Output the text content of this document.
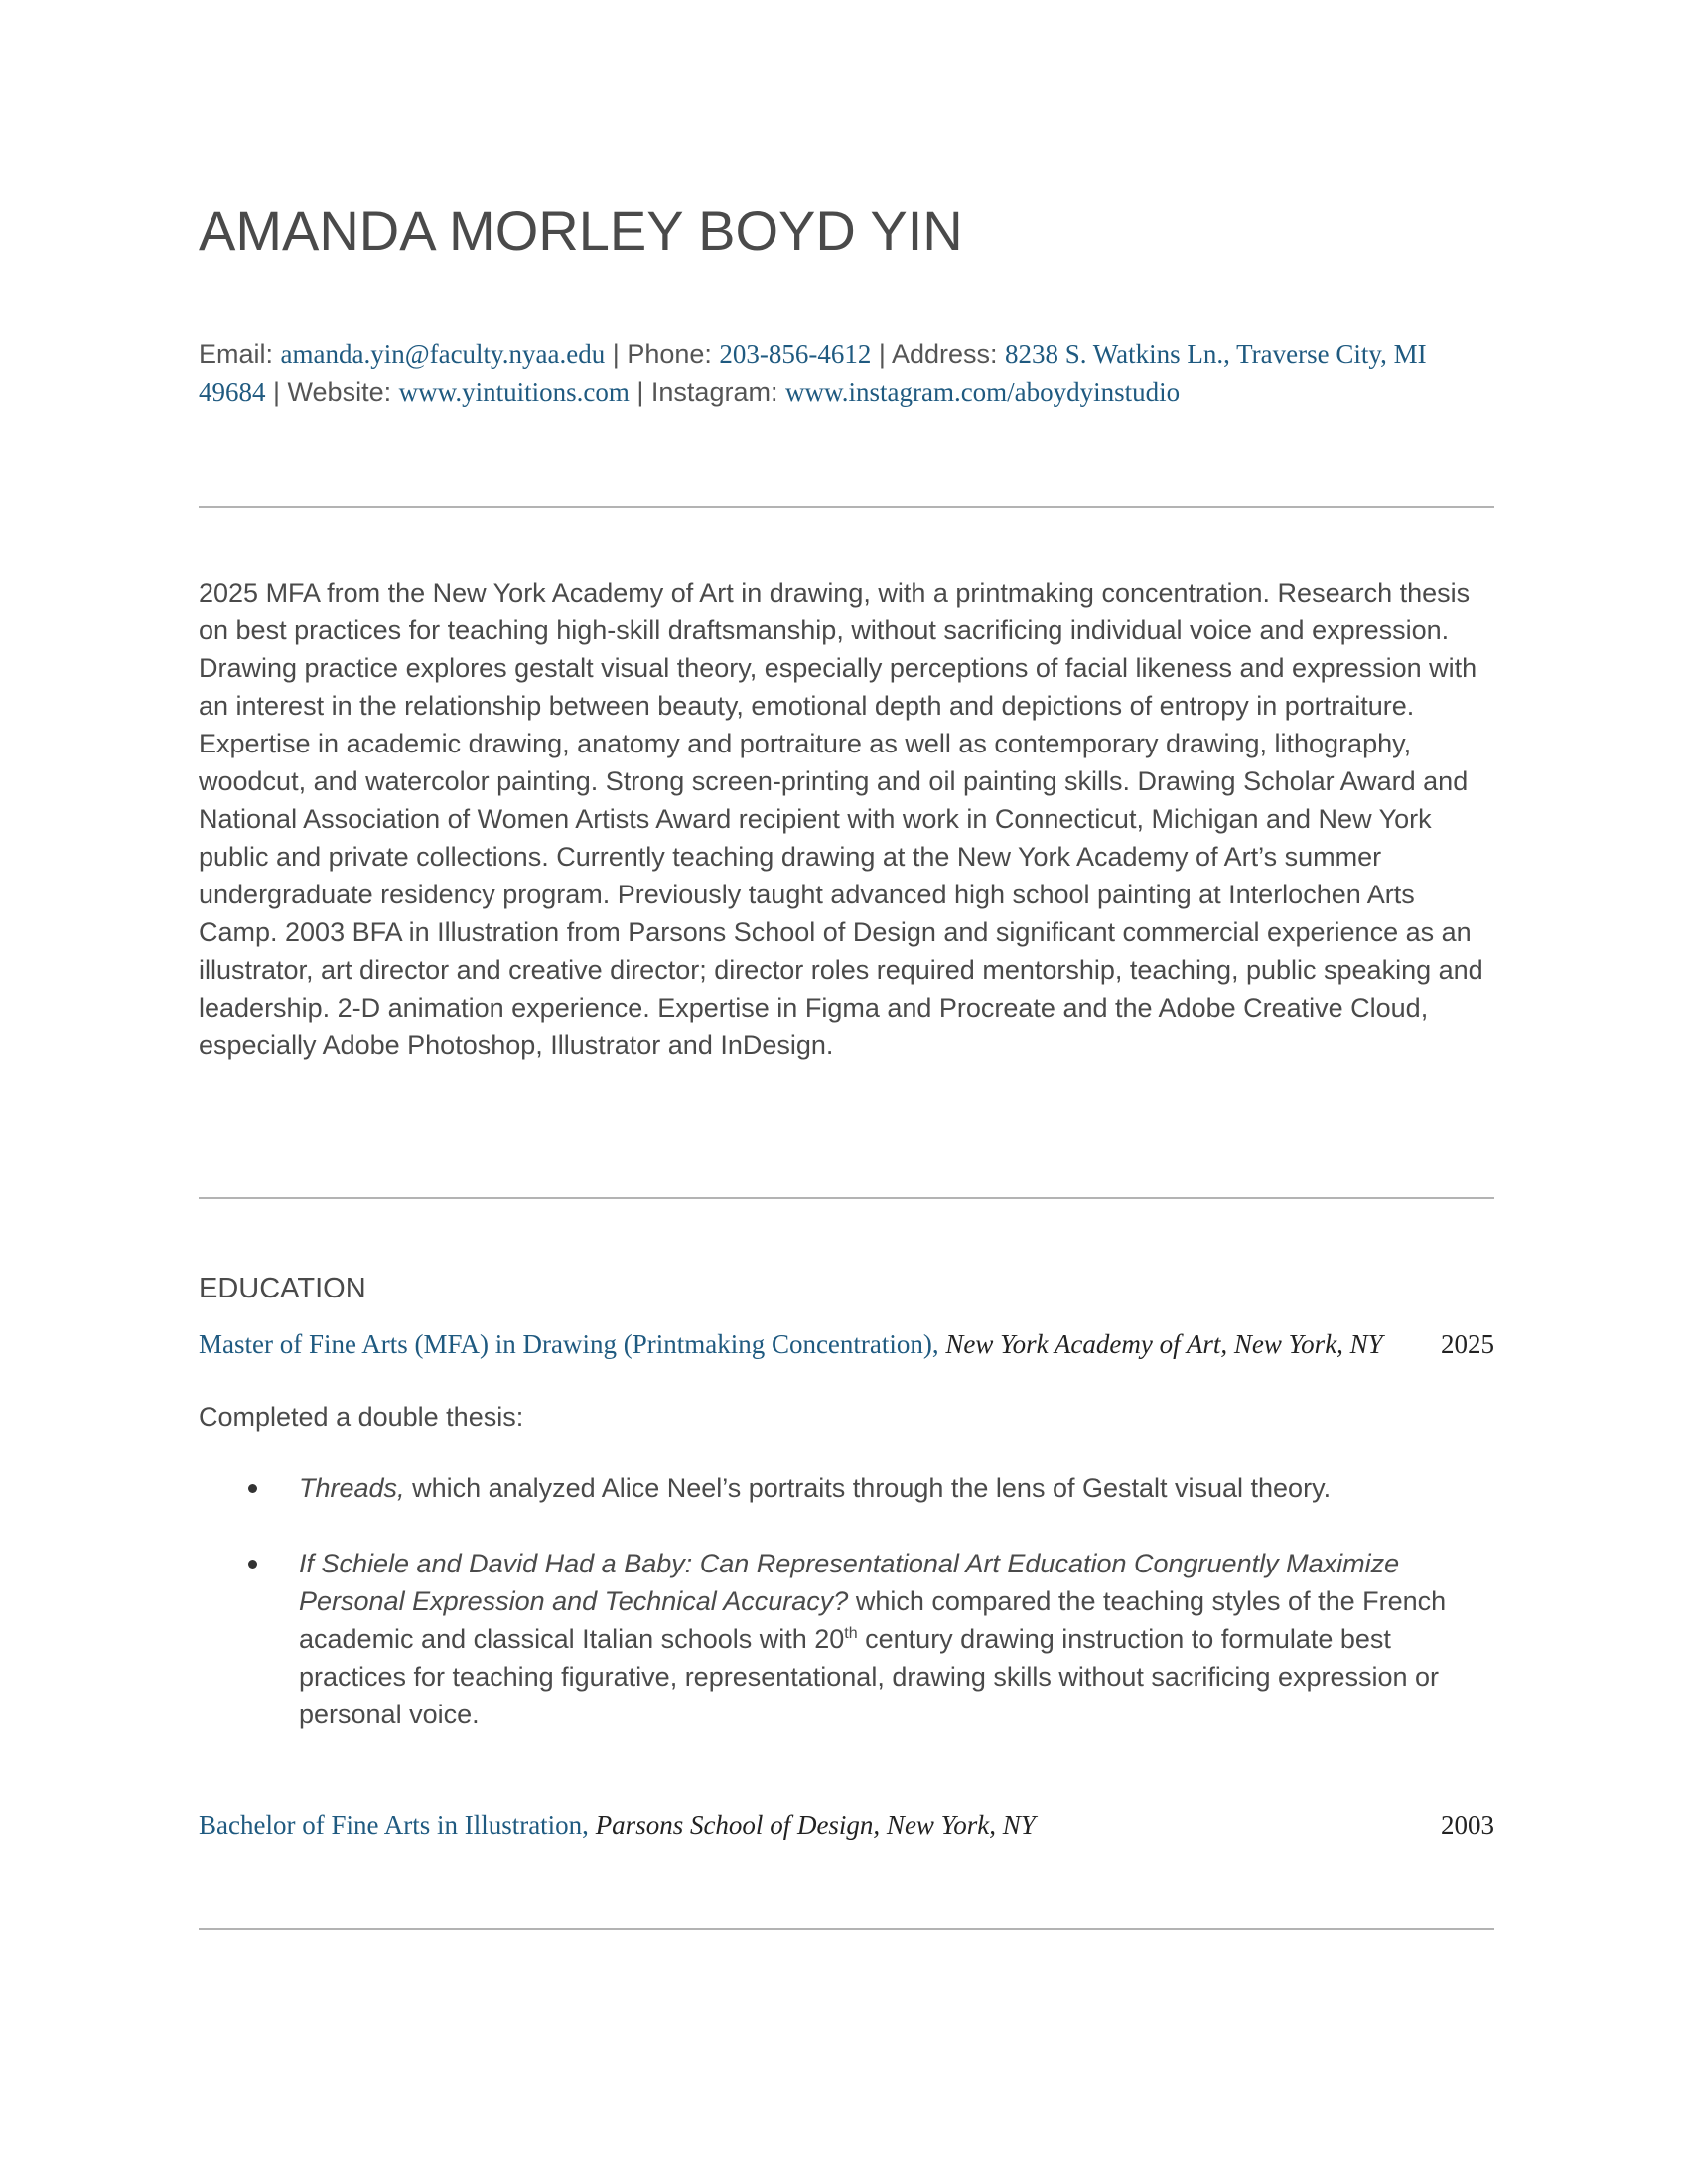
AMANDA MORLEY BOYD YIN
Email: amanda.yin@faculty.nyaa.edu | Phone: 203-856-4612 | Address: 8238 S. Watkins Ln., Traverse City, MI 49684 | Website: www.yintuitions.com | Instagram: www.instagram.com/aboydyinstudio

2025 MFA from the New York Academy of Art in drawing, with a printmaking concentration. Research thesis on best practices for teaching high-skill draftsmanship, without sacrificing individual voice and expression. Drawing practice explores gestalt visual theory, especially perceptions of facial likeness and expression with an interest in the relationship between beauty, emotional depth and depictions of entropy in portraiture. Expertise in academic drawing, anatomy and portraiture as well as contemporary drawing, lithography, woodcut, and watercolor painting. Strong screen-printing and oil painting skills. Drawing Scholar Award and National Association of Women Artists Award recipient with work in Connecticut, Michigan and New York public and private collections. Currently teaching drawing at the New York Academy of Art’s summer undergraduate residency program. Previously taught advanced high school painting at Interlochen Arts Camp. 2003 BFA in Illustration from Parsons School of Design and significant commercial experience as an illustrator, art director and creative director; director roles required mentorship, teaching, public speaking and leadership. 2-D animation experience. Expertise in Figma and Procreate and the Adobe Creative Cloud, especially Adobe Photoshop, Illustrator and InDesign.

EDUCATION
Master of Fine Arts (MFA) in Drawing (Printmaking Concentration), New York Academy of Art, New York, NY 2025

Completed a double thesis:

Threads, which analyzed Alice Neel’s portraits through the lens of Gestalt visual theory.
If Schiele and David Had a Baby: Can Representational Art Education Congruently Maximize Personal Expression and Technical Accuracy? which compared the teaching styles of the French academic and classical Italian schools with 20th century drawing instruction to formulate best practices for teaching figurative, representational, drawing skills without sacrificing expression or personal voice.
Bachelor of Fine Arts in Illustration, Parsons School of Design, New York, NY	2003
